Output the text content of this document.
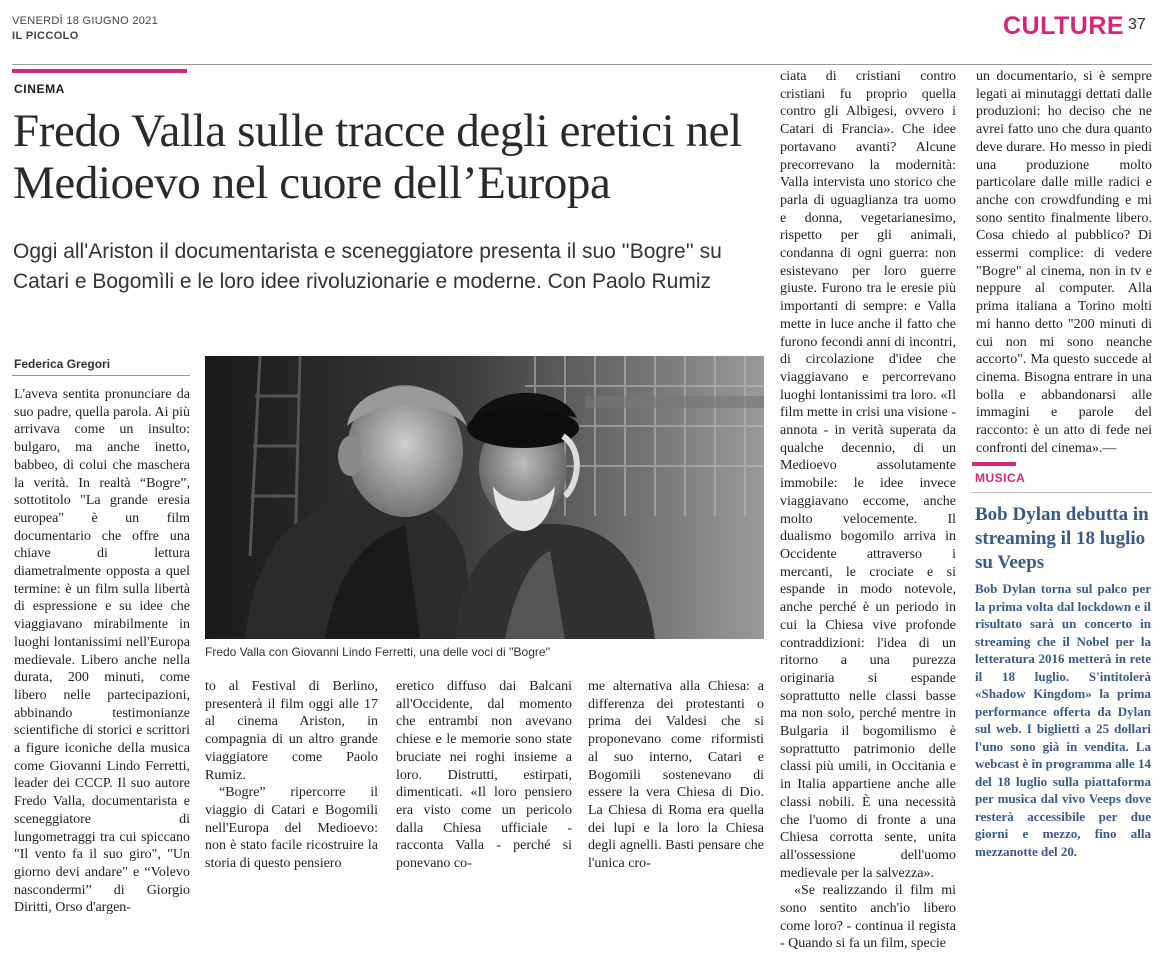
VENERDÌ 18 GIUGNO 2021
IL PICCOLO	CULTURE 37
CINEMA
Fredo Valla sulle tracce degli eretici nel Medioevo nel cuore dell’Europa
Oggi all'Ariston il documentarista e sceneggiatore presenta il suo ''Bogre'' su Catari e Bogomìli e le loro idee rivoluzionarie e moderne. Con Paolo Rumiz
Federica Gregori

L'aveva sentita pronunciare da suo padre, quella parola. Ai più arrivava come un insulto: bulgaro, ma anche inetto, babbeo, di colui che maschera la verità. In realtà “Bogre”, sottotitolo "La grande eresia europea" è un film documentario che offre una chiave di lettura diametralmente opposta a quel termine: è un film sulla libertà di espressione e su idee che viaggiavano mirabilmente in luoghi lontanissimi nell'Europa medievale. Libero anche nella durata, 200 minuti, come libero nelle partecipazioni, abbinando testimonianze scientifiche di storici e scrittori a figure iconiche della musica come Giovanni Lindo Ferretti, leader dei CCCP. Il suo autore Fredo Valla, documentarista e sceneggiatore di lungometraggi tra cui spiccano "Il vento fa il suo giro", "Un giorno devi andare" e “Volevo nascondermi” di Giorgio Diritti, Orso d'argen-

to al Festival di Berlino, presenterà il film oggi alle 17 al cinema Ariston, in compagnia di un altro grande viaggiatore come Paolo Rumiz.

“Bogre” ripercorre il viaggio di Catari e Bogomili nell'Europa del Medioevo: non è stato facile ricostruire la storia di questo pensiero

eretico diffuso dai Balcani all'Occidente, dal momento che entrambi non avevano chiese e le memorie sono state bruciate nei roghi insieme a loro. Distrutti, estirpati, dimenticati. «Il loro pensiero era visto come un pericolo dalla Chiesa ufficiale - racconta Valla - perché si ponevano co-

me alternativa alla Chiesa: a differenza dei protestanti o prima dei Valdesi che si proponevano come riformisti al suo interno, Catari e Bogomili sostenevano di essere la vera Chiesa di Dio. La Chiesa di Roma era quella dei lupi e la loro la Chiesa degli agnelli. Basti pensare che l'unica cro-

ciata di cristiani contro cristiani fu proprio quella contro gli Albigesi, ovvero i Catari di Francia». Che idee portavano avanti? Alcune precorrevano la modernità: Valla intervista uno storico che parla di uguaglianza tra uomo e donna, vegetarianesimo, rispetto per gli animali, condanna di ogni guerra: non esistevano per loro guerre giuste. Furono tra le eresie più importanti di sempre: e Valla mette in luce anche il fatto che furono fecondi anni di incontri, di circolazione d'idee che viaggiavano e percorrevano luoghi lontanissimi tra loro. «Il film mette in crisi una visione - annota - in verità superata da qualche decennio, di un Medioevo assolutamente immobile: le idee invece viaggiavano eccome, anche molto velocemente. Il dualismo bogomilo arriva in Occidente attraverso i mercanti, le crociate e si espande in modo notevole, anche perché è un periodo in cui la Chiesa vive profonde contraddizioni: l'idea di un ritorno a una purezza originaria si espande soprattutto nelle classi basse ma non solo, perché mentre in Bulgaria il bogomilismo è soprattutto patrimonio delle classi più umili, in Occitania e in Italia appartiene anche alle classi nobili. È una necessità che l'uomo di fronte a una Chiesa corrotta sente, unita all'ossessione dell'uomo medievale per la salvezza».

«Se realizzando il film mi sono sentito anch'io libero come loro? - continua il regista - Quando si fa un film, specie

un documentario, si è sempre legati ai minutaggi dettati dalle produzioni: ho deciso che ne avrei fatto uno che dura quanto deve durare. Ho messo in piedi una produzione molto particolare dalle mille radici e anche con crowdfunding e mi sono sentito finalmente libero. Cosa chiedo al pubblico? Di essermi complice: di vedere "Bogre" al cinema, non in tv e neppure al computer. Alla prima italiana a Torino molti mi hanno detto "200 minuti di cui non mi sono neanche accorto". Ma questo succede al cinema. Bisogna entrare in una bolla e abbandonarsi alle immagini e parole del racconto: è un atto di fede nei confronti del cinema».—

Fredo Valla con Giovanni Lindo Ferretti, una delle voci di ''Bogre''
MUSICA
Bob Dylan debutta in streaming il 18 luglio su Veeps
Bob Dylan torna sul palco per la prima volta dal lockdown e il risultato sarà un concerto in streaming che il Nobel per la letteratura 2016 metterà in rete il 18 luglio. S'intitolerà «Shadow Kingdom» la prima performance offerta da Dylan sul web. I biglietti a 25 dollari l'uno sono già in vendita. La webcast è in programma alle 14 del 18 luglio sulla piattaforma per musica dal vivo Veeps dove resterà accessibile per due giorni e mezzo, fino alla mezzanotte del 20.
